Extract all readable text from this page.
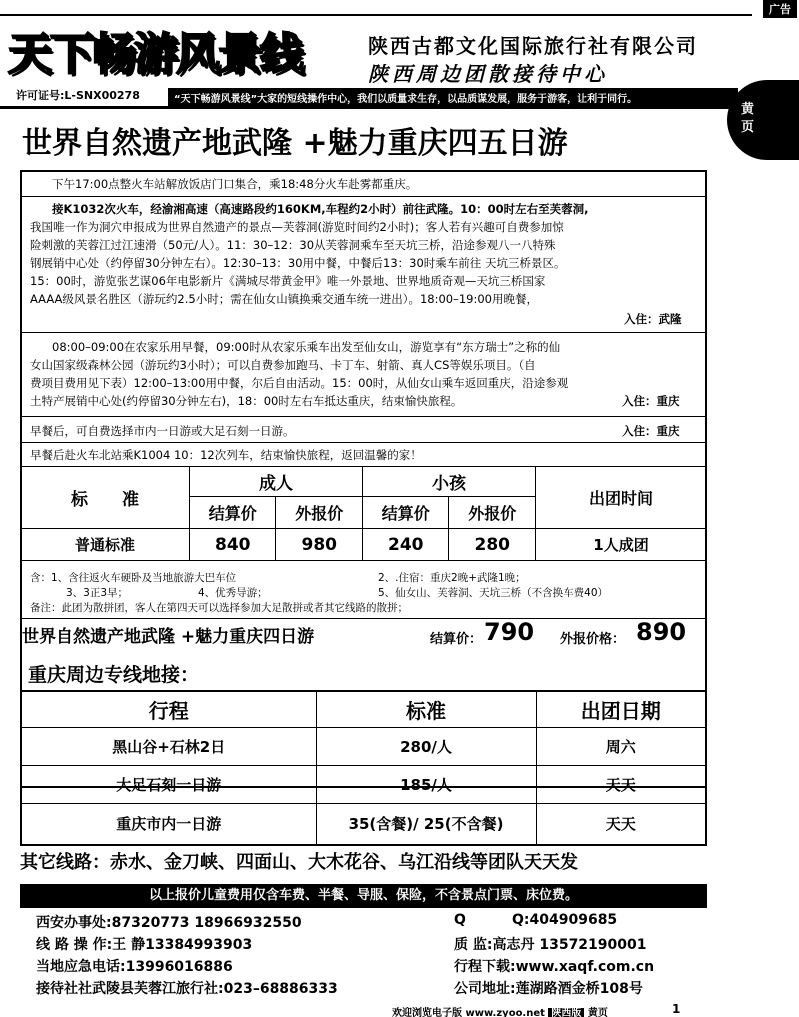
广告
天下畅游风景线	陕西古都文化国际旅行社有限公司
陕西周边团散接待中心
许可证号:L-SNX00278	“天下畅游风景线”大家的短线操作中心，我们以质量求生存，以品质谋发展，服务于游客，让利于同行。
黄
页
世界自然遗产地武隆 +魅力重庆四五日游
下午17:00点整火车站解放饭店门口集合，乘18:48分火车赴雾都重庆。
接K1032次火车，经渝湘高速（高速路段约160KM,车程约2小时）前往武隆。10：00时左右至芙蓉洞,
我国唯一作为洞穴申报成为世界自然遗产的景点—芙蓉洞(游览时间约2小时)；客人若有兴趣可自费参加惊
险刺激的芙蓉江过江速滑（50元/人）。11：30–12：30从芙蓉洞乘车至天坑三桥，沿途参观八一八特殊
钢展销中心处（约停留30分钟左右）。12:30–13：30用中餐，中餐后13：30时乘车前往 天坑三桥景区。
15：00时，游览张艺谋06年电影新片《满城尽带黄金甲》唯一外景地、世界地质奇观—天坑三桥国家
AAAA级风景名胜区（游玩约2.5小时；需在仙女山镇换乘交通车统一进出）。18:00–19:00用晚餐，
入住：武隆
08:00–09:00在农家乐用早餐，09:00时从农家乐乘车出发至仙女山，游览享有“东方瑞士”之称的仙
女山国家级森林公园（游玩约3小时）；可以自费参加跑马、卡丁车、射箭、真人CS等娱乐项目。（自
费项目费用见下表）12:00–13:00用中餐，尔后自由活动。15：00时，从仙女山乘车返回重庆，沿途参观
土特产展销中心处(约停留30分钟左右)，18：00时左右车抵达重庆，结束愉快旅程。	入住：重庆
早餐后，可自费选择市内一日游或大足石刻一日游。	入住：重庆
早餐后赴火车北站乘K1004 10：12次列车，结束愉快旅程，返回温馨的家！
标　　准	成人		小孩		出团时间
	结算价	外报价	结算价	外报价	
普通标准	840	980	240	280	1人成团
含：1、含往返火车硬卧及当地旅游大巴车位	2、.住宿：重庆2晚+武隆1晚；
3、3正3早；	4、优秀导游；	5、仙女山、芙蓉洞、天坑三桥（不含换车费40）
备注：此团为散拼团，客人在第四天可以选择参加大足散拼或者其它线路的散拼；
世界自然遗产地武隆 +魅力重庆四日游	结算价： 790 外报价格： 890
重庆周边专线地接：
行程	标准	出团日期
黑山谷+石林2日	280/人	周六
大足石刻一日游	185/人	天天
重庆市内一日游	35(含餐)/ 25(不含餐)	天天
其它线路：赤水、金刀峡、四面山、大木花谷、乌江沿线等团队天天发
以上报价儿童费用仅含车费、半餐、导服、保险，不含景点门票、床位费。
西安办事处:87320773 18966932550
线 路 操 作:王 静13384993903
当地应急电话:13996016886
接待社社武陵县芙蓉江旅行社:023–68886333
Q	Q:404909685
质 监:高志丹 13572190001
行程下载:www.xaqf.com.cn
公司地址:莲湖路酒金桥108号
欢迎浏览电子版 www.zyoo.net 陕西版 黄页	1
